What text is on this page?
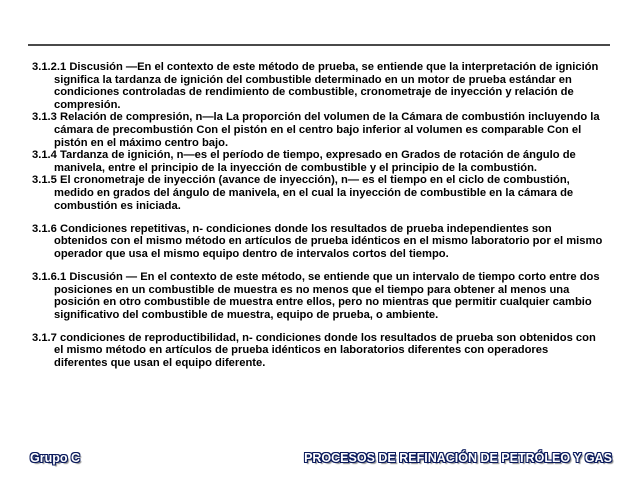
3.1.2.1 Discusión —En el contexto de este método de prueba, se entiende que la interpretación de ignición significa la tardanza de ignición del combustible determinado en un motor de prueba estándar en condiciones controladas de rendimiento de combustible, cronometraje de inyección y relación de compresión.

3.1.3 Relación de compresión, n—la La proporción del volumen de la Cámara de combustión incluyendo la cámara de precombustión Con el pistón en el centro bajo inferior al volumen es comparable Con el pistón en el máximo centro bajo.

3.1.4 Tardanza de ignición, n—es el período de tiempo, expresado en Grados de rotación de ángulo de manivela, entre el principio de la inyección de combustible y el principio de la combustión.

3.1.5 El cronometraje de inyección (avance de inyección), n— es el tiempo en el ciclo de combustión, medido en grados del ángulo de manivela, en el cual la inyección de combustible en la cámara de combustión es iniciada.

3.1.6 Condiciones repetitivas, n- condiciones donde los resultados de prueba independientes son obtenidos con el mismo método en artículos de prueba idénticos en el mismo laboratorio por el mismo operador que usa el mismo equipo dentro de intervalos cortos del tiempo.

3.1.6.1 Discusión — En el contexto de este método, se entiende que un intervalo de tiempo corto entre dos posiciones en un combustible de muestra es no menos que el tiempo para obtener al menos una posición en otro combustible de muestra entre ellos, pero no mientras que permitir cualquier cambio significativo del combustible de muestra, equipo de prueba, o ambiente.

3.1.7 condiciones de reproductibilidad, n- condiciones donde los resultados de prueba son obtenidos con el mismo método en artículos de prueba idénticos en laboratorios diferentes con operadores diferentes que usan el equipo diferente.

Grupo C	PROCESOS DE REFINACIÓN DE PETRÓLEO Y GAS
